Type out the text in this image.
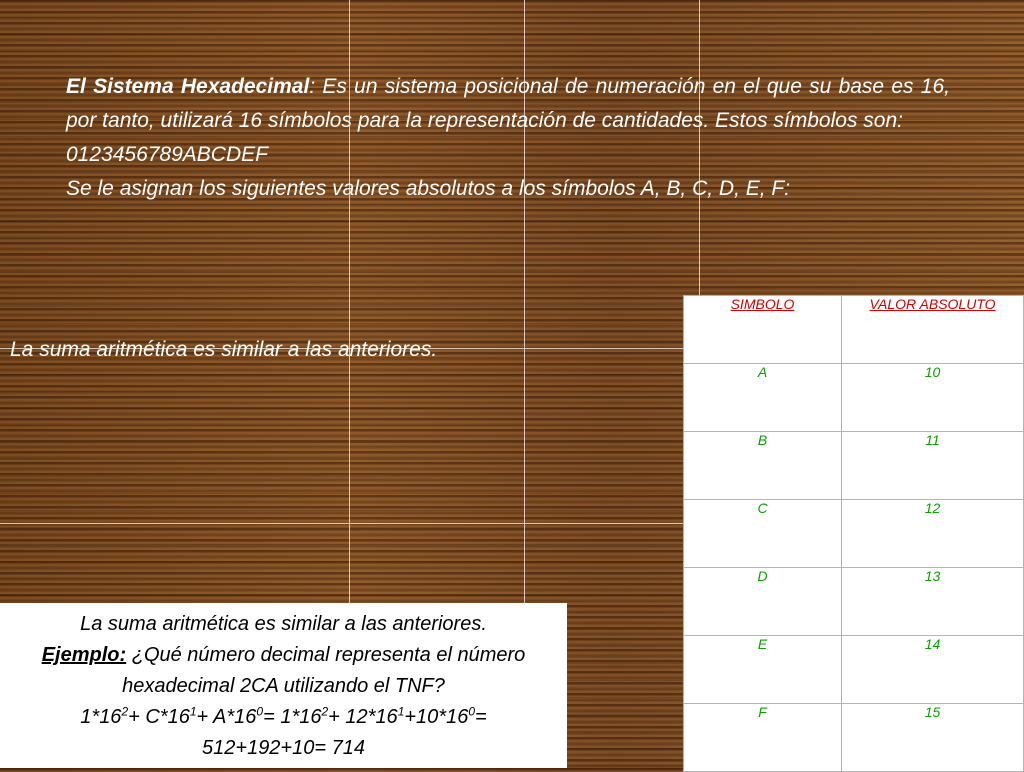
El Sistema Hexadecimal: Es un sistema posicional de numeración en el que su base es 16, por tanto, utilizará 16 símbolos para la representación de cantidades. Estos símbolos son:
0123456789ABCDEF
Se le asignan los siguientes valores absolutos a los símbolos A, B, C, D, E, F:
La suma aritmética es similar a las anteriores.
SIMBOLO	VALOR ABSOLUTO
A	10
B	11
C	12
D	13
E	14
F	15
La suma aritmética es similar a las anteriores.
Ejemplo: ¿Qué número decimal representa el número hexadecimal 2CA utilizando el TNF?
$1*16^2+ C*16^1+ A*16^0= 1*16^2+ 12*16^1+10*16^0=$
512+192+10= 714
